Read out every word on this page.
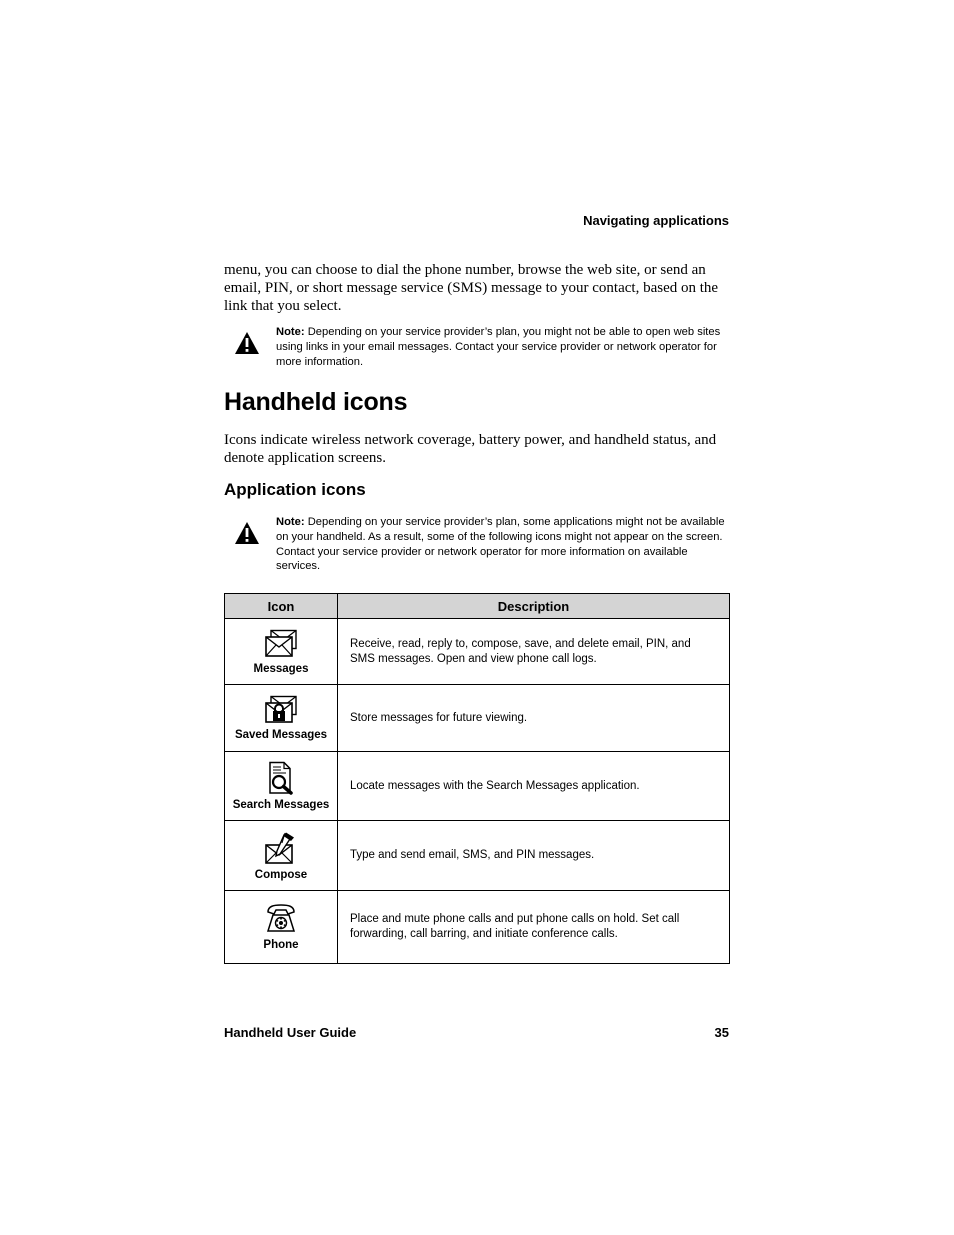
Navigating applications

menu, you can choose to dial the phone number, browse the web site, or send an email, PIN, or short message service (SMS) message to your contact, based on the link that you select.

Note: Depending on your service provider’s plan, you might not be able to open web sites using links in your email messages. Contact your service provider or network operator for more information.

Handheld icons

Icons indicate wireless network coverage, battery power, and handheld status, and denote application screens.

Application icons

Note: Depending on your service provider’s plan, some applications might not be available on your handheld. As a result, some of the following icons might not appear on the screen. Contact your service provider or network operator for more information on available services.

Icon	Description

Messages	Receive, read, reply to, compose, save, and delete email, PIN, and SMS messages. Open and view phone call logs.

Saved Messages	Store messages for future viewing.

Search Messages	Locate messages with the Search Messages application.

Compose	Type and send email, SMS, and PIN messages.

Phone	Place and mute phone calls and put phone calls on hold. Set call forwarding, call barring, and initiate conference calls.
Handheld User Guide	35
